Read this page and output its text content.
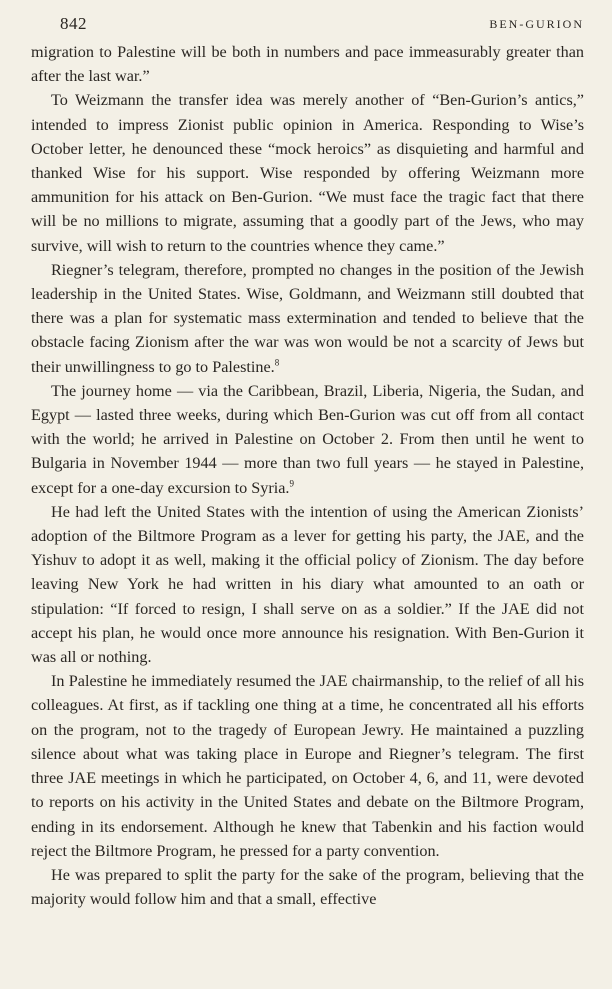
842	BEN-GURION

migration to Palestine will be both in numbers and pace immeasurably greater than after the last war.”

To Weizmann the transfer idea was merely another of “Ben-Gurion’s antics,” intended to impress Zionist public opinion in America. Responding to Wise’s October letter, he denounced these “mock heroics” as disquieting and harmful and thanked Wise for his support. Wise responded by offering Weizmann more ammunition for his attack on Ben-Gurion. “We must face the tragic fact that there will be no millions to migrate, assuming that a goodly part of the Jews, who may survive, will wish to return to the countries whence they came.”

Riegner’s telegram, therefore, prompted no changes in the position of the Jewish leadership in the United States. Wise, Goldmann, and Weizmann still doubted that there was a plan for systematic mass extermination and tended to believe that the obstacle facing Zionism after the war was won would be not a scarcity of Jews but their unwillingness to go to Palestine.$^8$

The journey home — via the Caribbean, Brazil, Liberia, Nigeria, the Sudan, and Egypt — lasted three weeks, during which Ben-Gurion was cut off from all contact with the world; he arrived in Palestine on October 2. From then until he went to Bulgaria in November 1944 — more than two full years — he stayed in Palestine, except for a one-day excursion to Syria.$^9$

He had left the United States with the intention of using the American Zionists’ adoption of the Biltmore Program as a lever for getting his party, the JAE, and the Yishuv to adopt it as well, making it the official policy of Zionism. The day before leaving New York he had written in his diary what amounted to an oath or stipulation: “If forced to resign, I shall serve on as a soldier.” If the JAE did not accept his plan, he would once more announce his resignation. With Ben-Gurion it was all or nothing.

In Palestine he immediately resumed the JAE chairmanship, to the relief of all his colleagues. At first, as if tackling one thing at a time, he concentrated all his efforts on the program, not to the tragedy of European Jewry. He maintained a puzzling silence about what was taking place in Europe and Riegner’s telegram. The first three JAE meetings in which he participated, on October 4, 6, and 11, were devoted to reports on his activity in the United States and debate on the Biltmore Program, ending in its endorsement. Although he knew that Tabenkin and his faction would reject the Biltmore Program, he pressed for a party convention.

He was prepared to split the party for the sake of the program, believing that the majority would follow him and that a small, effective
